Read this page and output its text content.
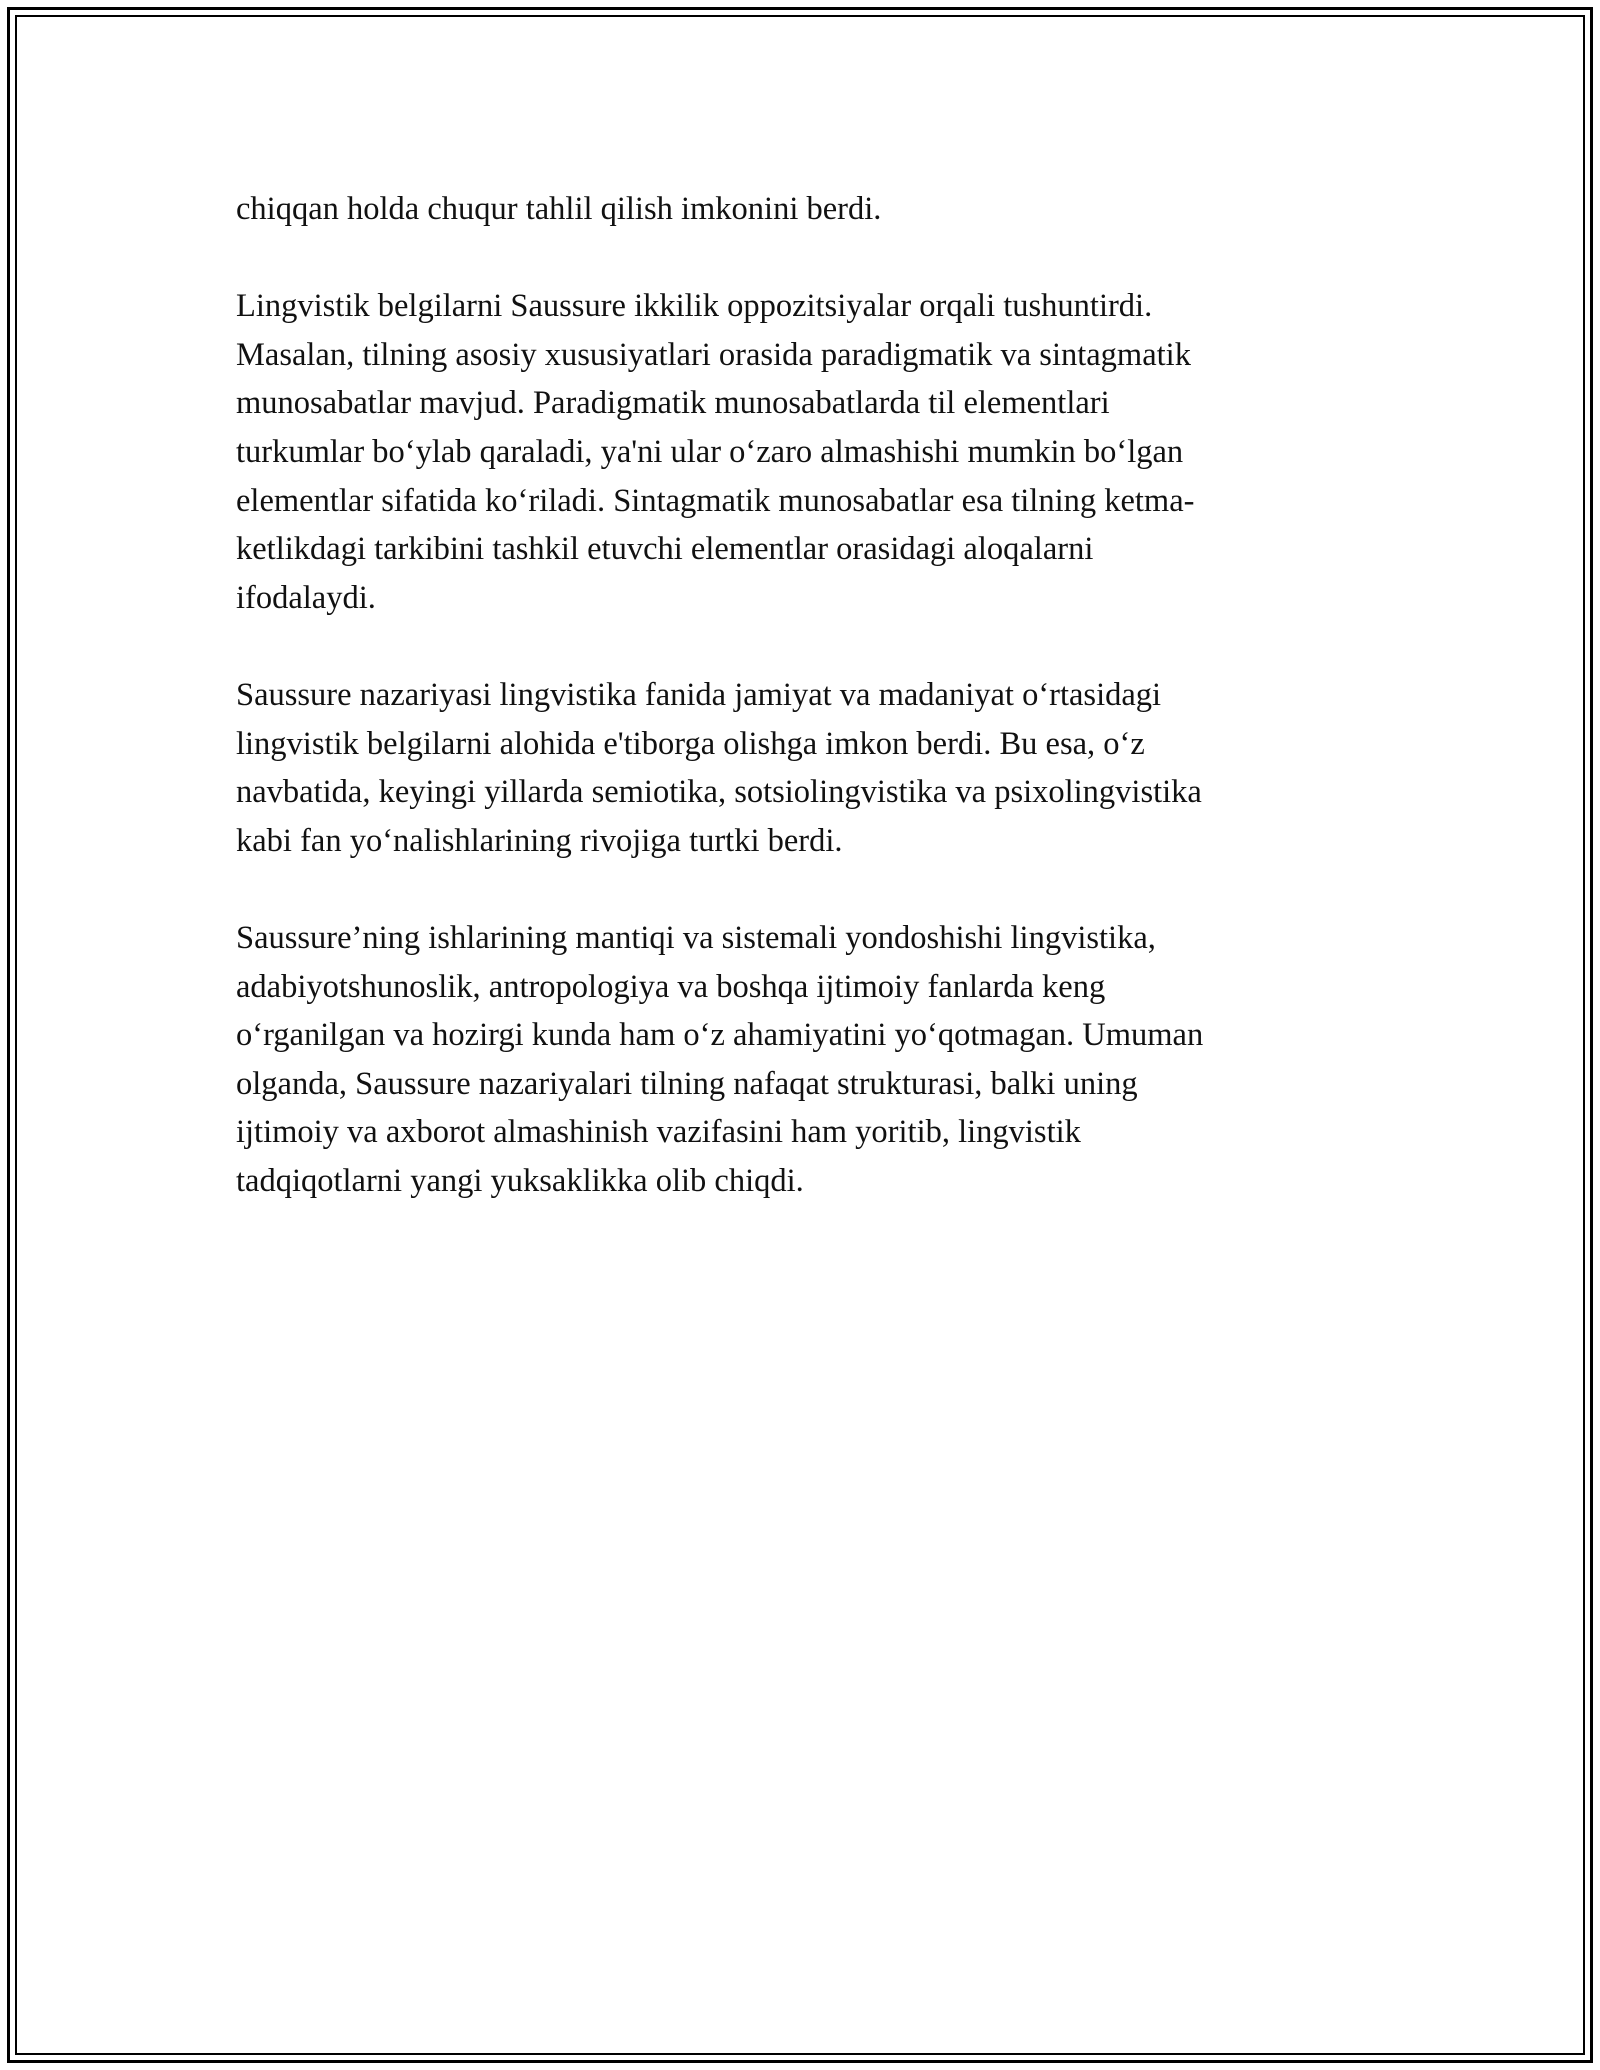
chiqqan holda chuqur tahlil qilish imkonini berdi.

Lingvistik belgilarni Saussure ikkilik oppozitsiyalar orqali tushuntirdi.
Masalan, tilning asosiy xususiyatlari orasida paradigmatik va sintagmatik
munosabatlar mavjud. Paradigmatik munosabatlarda til elementlari
turkumlar boʻylab qaraladi, ya'ni ular oʻzaro almashishi mumkin boʻlgan
elementlar sifatida koʻriladi. Sintagmatik munosabatlar esa tilning ketma-
ketlikdagi tarkibini tashkil etuvchi elementlar orasidagi aloqalarni
ifodalaydi.

Saussure nazariyasi lingvistika fanida jamiyat va madaniyat oʻrtasidagi
lingvistik belgilarni alohida e'tiborga olishga imkon berdi. Bu esa, oʻz
navbatida, keyingi yillarda semiotika, sotsiolingvistika va psixolingvistika
kabi fan yoʻnalishlarining rivojiga turtki berdi.

Saussure’ning ishlarining mantiqi va sistemali yondoshishi lingvistika,
adabiyotshunoslik, antropologiya va boshqa ijtimoiy fanlarda keng
oʻrganilgan va hozirgi kunda ham oʻz ahamiyatini yoʻqotmagan. Umuman
olganda, Saussure nazariyalari tilning nafaqat strukturasi, balki uning
ijtimoiy va axborot almashinish vazifasini ham yoritib, lingvistik
tadqiqotlarni yangi yuksaklikka olib chiqdi.
